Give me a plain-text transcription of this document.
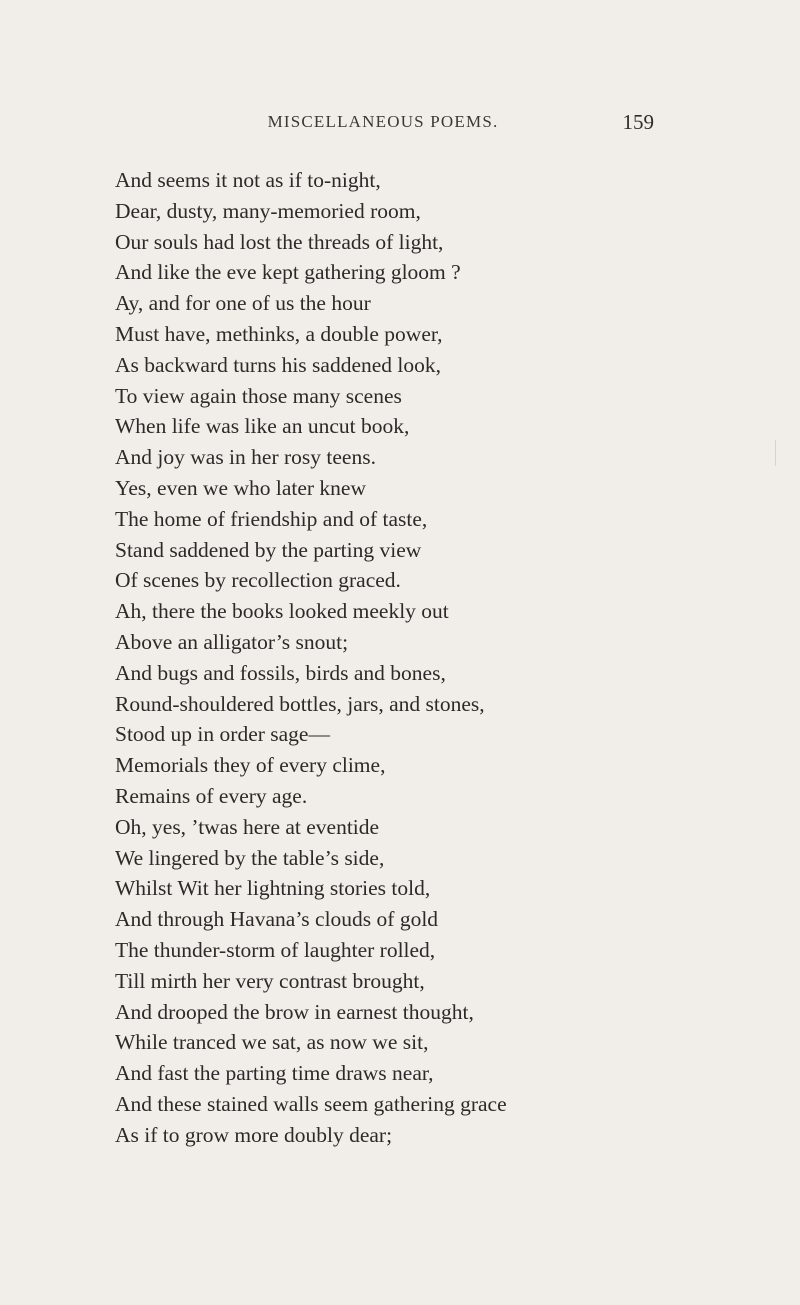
MISCELLANEOUS POEMS.	159
And seems it not as if to-night,
Dear, dusty, many-memoried room,
Our souls had lost the threads of light,
And like the eve kept gathering gloom ?
Ay, and for one of us the hour
Must have, methinks, a double power,
As backward turns his saddened look,
To view again those many scenes
When life was like an uncut book,
And joy was in her rosy teens.
Yes, even we who later knew
The home of friendship and of taste,
Stand saddened by the parting view
Of scenes by recollection graced.
Ah, there the books looked meekly out
Above an alligator’s snout;
And bugs and fossils, birds and bones,
Round-shouldered bottles, jars, and stones,
Stood up in order sage—
Memorials they of every clime,
Remains of every age.
Oh, yes, ’twas here at eventide
We lingered by the table’s side,
Whilst Wit her lightning stories told,
And through Havana’s clouds of gold
The thunder-storm of laughter rolled,
Till mirth her very contrast brought,
And drooped the brow in earnest thought,
While tranced we sat, as now we sit,
And fast the parting time draws near,
And these stained walls seem gathering grace
As if to grow more doubly dear;
